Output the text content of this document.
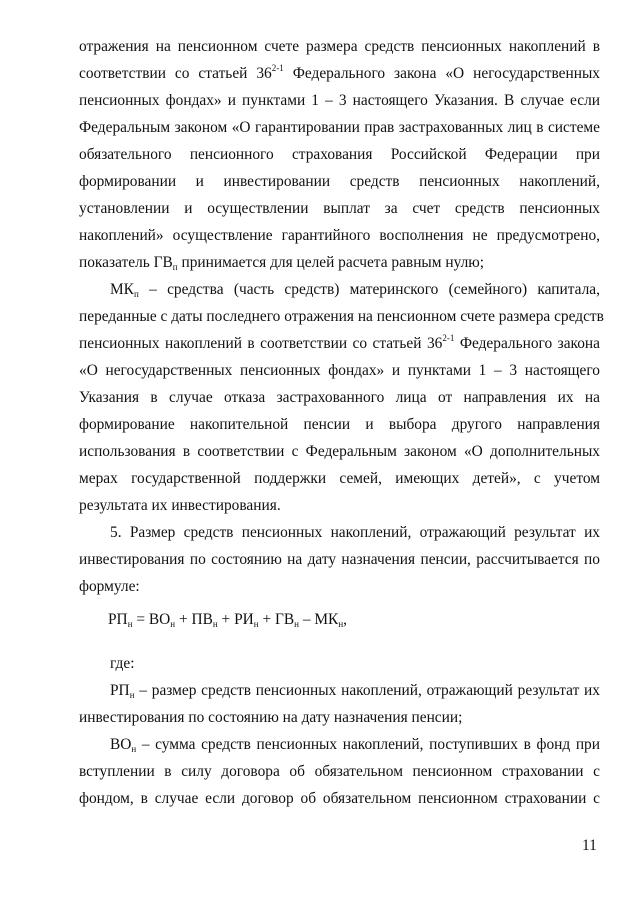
отражения на пенсионном счете размера средств пенсионных накоплений в
соответствии со статьей 36$^{2-1}$ Федерального закона «О негосударственных
пенсионных фондах» и пунктами 1 – 3 настоящего Указания. В случае если
Федеральным законом «О гарантировании прав застрахованных лиц в системе
обязательного пенсионного страхования Российской Федерации при
формировании и инвестировании средств пенсионных накоплений,
установлении и осуществлении выплат за счет средств пенсионных
накоплений» осуществление гарантийного восполнения не предусмотрено,
показатель $ГВ_п$ принимается для целей расчета равным нулю;
$МК_п$ – средства (часть средств) материнского (семейного) капитала,
переданные с даты последнего отражения на пенсионном счете размера средств
пенсионных накоплений в соответствии со статьей 36$^{2-1}$ Федерального закона
«О негосударственных пенсионных фондах» и пунктами 1 – 3 настоящего
Указания в случае отказа застрахованного лица от направления их на
формирование накопительной пенсии и выбора другого направления
использования в соответствии с Федеральным законом «О дополнительных
мерах государственной поддержки семей, имеющих детей», с учетом
результата их инвестирования.
5. Размер средств пенсионных накоплений, отражающий результат их
инвестирования по состоянию на дату назначения пенсии, рассчитывается по
формуле:
$РП_н = ВО_н + ПВ_н + РИ_н + ГВ_н - МК_н$,
где:
$РП_н$ – размер средств пенсионных накоплений, отражающий результат их
инвестирования по состоянию на дату назначения пенсии;
$ВО_н$ – сумма средств пенсионных накоплений, поступивших в фонд при
вступлении в силу договора об обязательном пенсионном страховании с
фондом, в случае если договор об обязательном пенсионном страховании с
11
